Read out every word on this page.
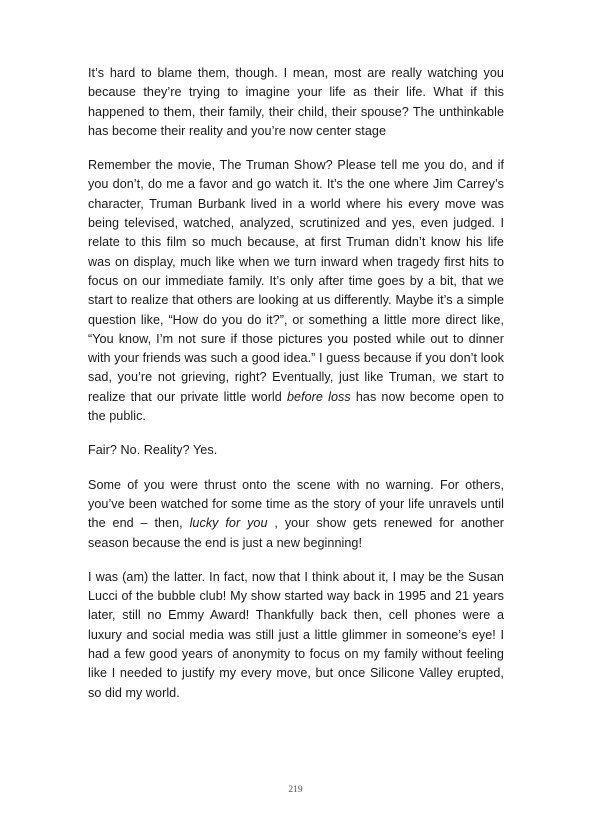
It’s hard to blame them, though. I mean, most are really watching you because they’re trying to imagine your life as their life. What if this happened to them, their family, their child, their spouse? The unthinkable has become their reality and you’re now center stage

Remember the movie, The Truman Show? Please tell me you do, and if you don’t, do me a favor and go watch it. It’s the one where Jim Carrey’s character, Truman Burbank lived in a world where his every move was being televised, watched, analyzed, scrutinized and yes, even judged. I relate to this film so much because, at first Truman didn’t know his life was on display, much like when we turn inward when tragedy first hits to focus on our immediate family. It’s only after time goes by a bit, that we start to realize that others are looking at us differently. Maybe it’s a simple question like, “How do you do it?”, or something a little more direct like, “You know, I’m not sure if those pictures you posted while out to dinner with your friends was such a good idea.” I guess because if you don’t look sad, you’re not grieving, right? Eventually, just like Truman, we start to realize that our private little world before loss has now become open to the public.

Fair? No. Reality? Yes.

Some of you were thrust onto the scene with no warning. For others, you’ve been watched for some time as the story of your life unravels until the end – then, lucky for you , your show gets renewed for another season because the end is just a new beginning!

I was (am) the latter. In fact, now that I think about it, I may be the Susan Lucci of the bubble club! My show started way back in 1995 and 21 years later, still no Emmy Award! Thankfully back then, cell phones were a luxury and social media was still just a little glimmer in someone’s eye! I had a few good years of anonymity to focus on my family without feeling like I needed to justify my every move, but once Silicone Valley erupted, so did my world.

219
